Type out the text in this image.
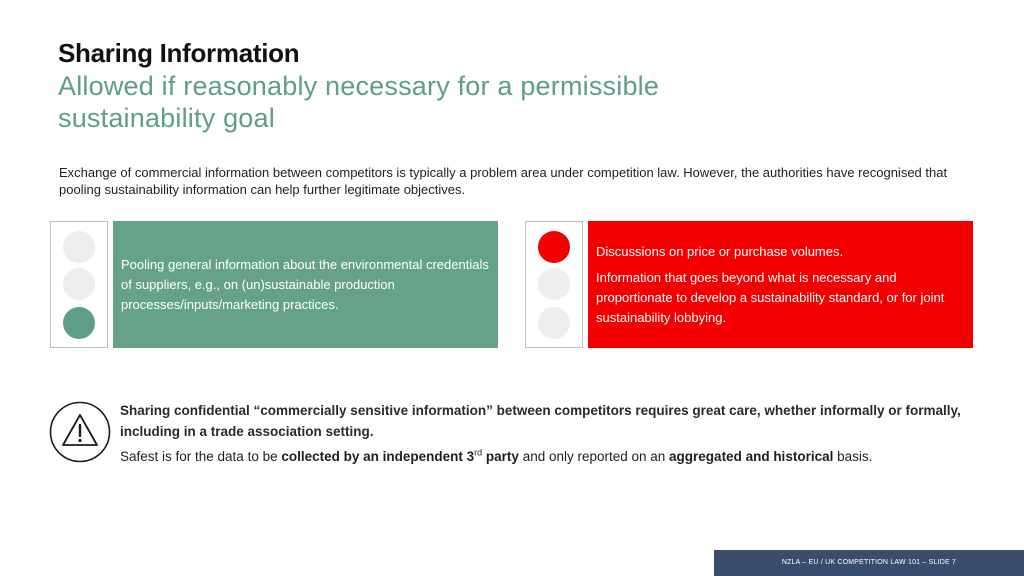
Sharing Information
Allowed if reasonably necessary for a permissible sustainability goal
Exchange of commercial information between competitors is typically a problem area under competition law. However, the authorities have recognised that pooling sustainability information can help further legitimate objectives.

Pooling general information about the environmental credentials of suppliers, e.g., on (un)sustainable production processes/inputs/marketing practices.

Discussions on price or purchase volumes.

Information that goes beyond what is necessary and proportionate to develop a sustainability standard, or for joint sustainability lobbying.

Sharing confidential “commercially sensitive information” between competitors requires great care, whether informally or formally, including in a trade association setting.
Safest is for the data to be collected by an independent 3rd party and only reported on an aggregated and historical basis.
NZLA – EU / UK COMPETITION LAW 101 – SLIDE 7
